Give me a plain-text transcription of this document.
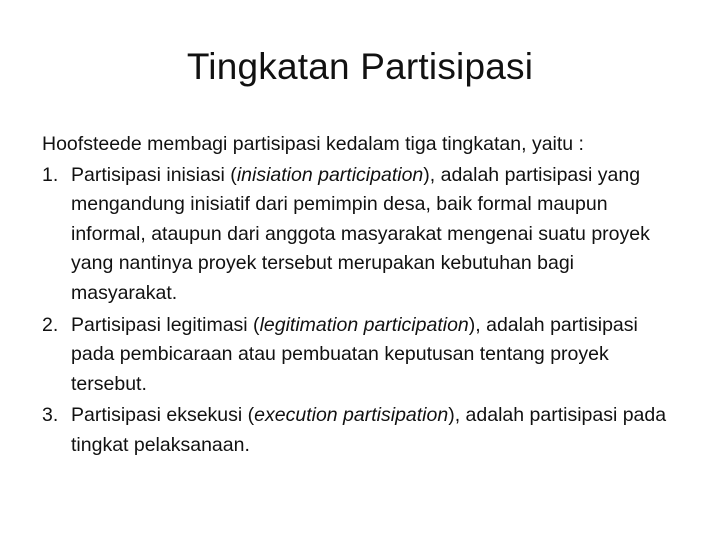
Tingkatan Partisipasi

Hoofsteede membagi partisipasi kedalam tiga tingkatan, yaitu :

1. Partisipasi inisiasi (inisiation participation), adalah partisipasi yang mengandung inisiatif dari pemimpin desa, baik formal maupun informal, ataupun dari anggota masyarakat mengenai suatu proyek yang nantinya proyek tersebut merupakan kebutuhan bagi masyarakat.
2. Partisipasi legitimasi (legitimation participation), adalah partisipasi pada pembicaraan atau pembuatan keputusan tentang proyek tersebut.
3. Partisipasi eksekusi (execution partisipation), adalah partisipasi pada tingkat pelaksanaan.
